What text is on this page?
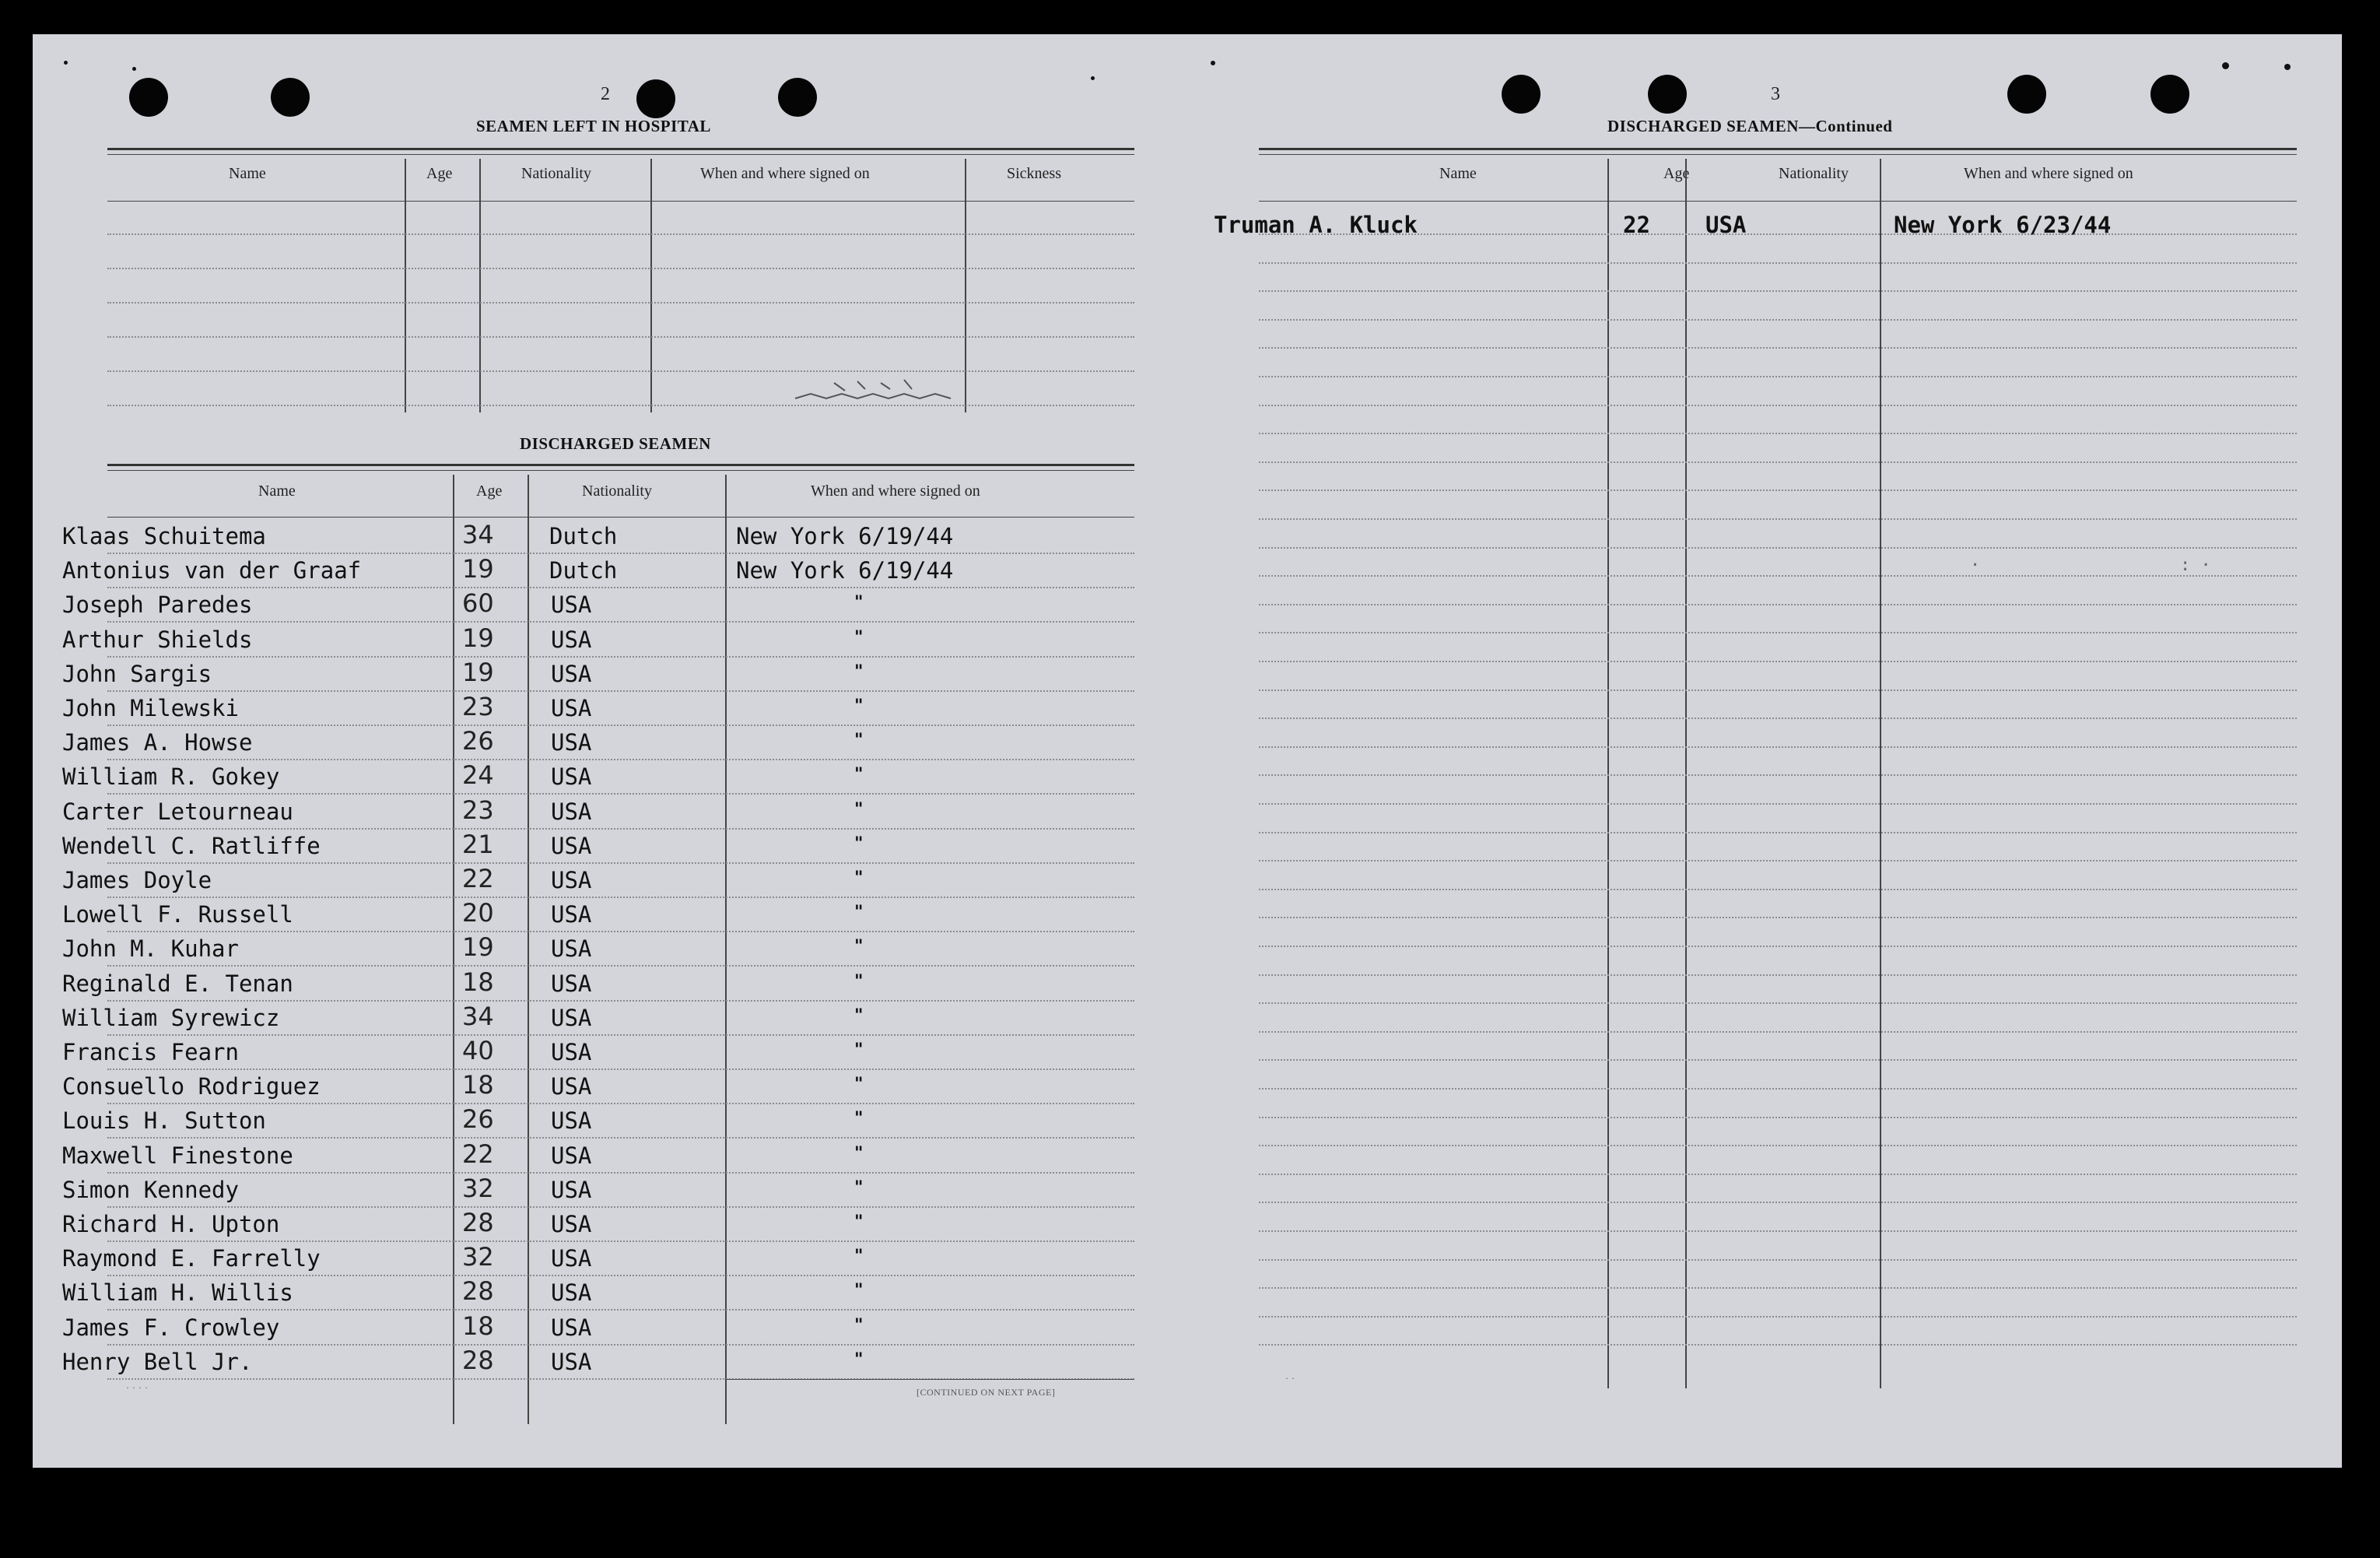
2
SEAMEN LEFT IN HOSPITAL
Name	Age	Nationality	When and where signed on	Sickness
DISCHARGED SEAMEN
Name	Age	Nationality	When and where signed on
Klaas Schuitema	34 Dutch	New York 6/19/44
Antonius van der Graaf	19 Dutch	New York 6/19/44
Joseph Paredes	60	USA	"
Arthur Shields	19	USA	"
John Sargis	19	USA	"
John Milewski	23	USA	"
James A. Howse	26	USA	"
William R. Gokey	24	USA	"
Carter Letourneau	23	USA	"
Wendell C. Ratliffe	21	USA	"
James Doyle	22	USA	"
Lowell F. Russell	20	USA	"
John M. Kuhar	19	USA	"
Reginald E. Tenan	18	USA	"
William Syrewicz	34	USA	"
Francis Fearn	40	USA	"
Consuello Rodriguez	18	USA	"
Louis H. Sutton	26	USA	"
Maxwell Finestone	22	USA	"
Simon Kennedy	32	USA	"
Richard H. Upton	28	USA	"
Raymond E. Farrelly	32	USA	"
William H. Willis	28	USA	"
James F. Crowley	18	USA	"
Henry Bell Jr.	28	USA	"
[CONTINUED ON NEXT PAGE]
· · · ·
3
DISCHARGED SEAMEN—Continued
Name	Age	Nationality	When and where signed on
Truman A. Kluck	22 USA	New York 6/23/44
: ·
·
· ·
